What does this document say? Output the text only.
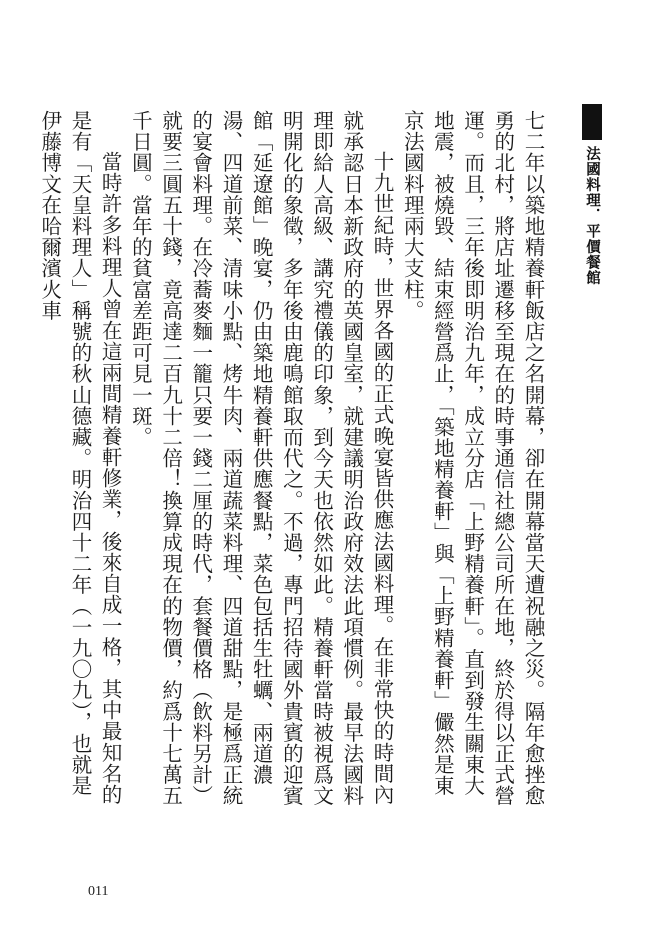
法國料理．平價餐館

七二年以築地精養軒飯店之名開幕，卻在開幕當天遭祝融之災。隔年愈挫愈勇的北村，將店址遷移至現在的時事通信社總公司所在地，終於得以正式營運。而且，三年後即明治九年，成立分店「上野精養軒」。直到發生關東大地震，被燒毀、結束經營爲止，「築地精養軒」與「上野精養軒」儼然是東京法國料理兩大支柱。

十九世紀時，世界各國的正式晚宴皆供應法國料理。在非常快的時間內就承認日本新政府的英國皇室，就建議明治政府效法此項慣例。最早法國料理即給人高級、講究禮儀的印象，到今天也依然如此。精養軒當時被視爲文明開化的象徵，多年後由鹿鳴館取而代之。不過，專門招待國外貴賓的迎賓館「延遼館」晚宴，仍由築地精養軒供應餐點，菜色包括生牡蠣、兩道濃湯、四道前菜、清味小點、烤牛肉、兩道蔬菜料理、四道甜點，是極爲正統的宴會料理。在冷蕎麥麵一籠只要一錢二厘的時代，套餐價格（飲料另計）就要三圓五十錢，竟高達二百九十二倍！換算成現在的物價，約爲十七萬五千日圓。當年的貧富差距可見一斑。

當時許多料理人曾在這兩間精養軒修業，後來自成一格，其中最知名的是有「天皇料理人」稱號的秋山德藏。明治四十二年（一九〇九），也就是伊藤博文在哈爾濱火車

011
